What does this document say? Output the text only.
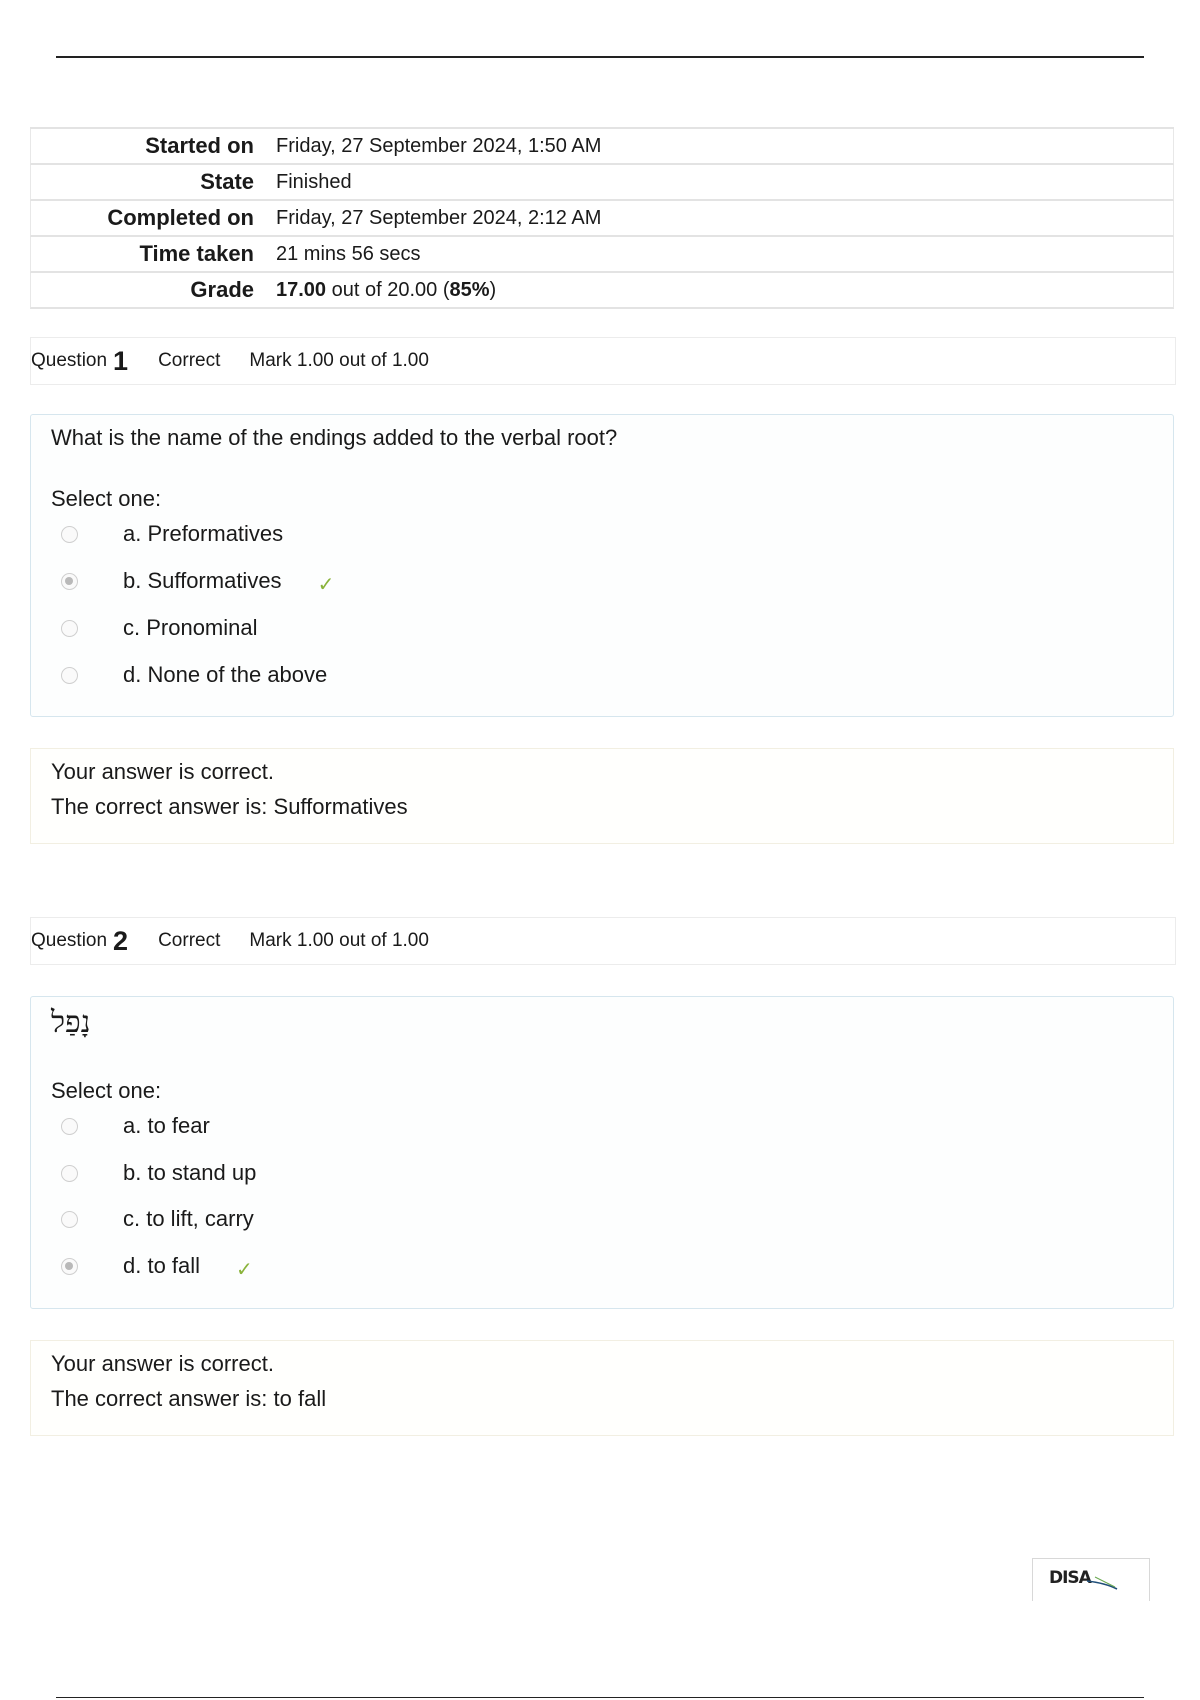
Started on Friday, 27 September 2024, 1:50 AM
State Finished
Completed on Friday, 27 September 2024, 2:12 AM
Time taken 21 mins 56 secs
Grade 17.00 out of 20.00 (85%)
Question 1 Correct Mark 1.00 out of 1.00
What is the name of the endings added to the verbal root?
Select one:
a. Preformatives
b. Sufformatives ✓
c. Pronominal
d. None of the above
Your answer is correct.
The correct answer is: Sufformatives
Question 2 Correct Mark 1.00 out of 1.00
נָפַל
Select one:
a. to fear
b. to stand up
c. to lift, carry
d. to fall ✓
Your answer is correct.
The correct answer is: to fall
DISA
